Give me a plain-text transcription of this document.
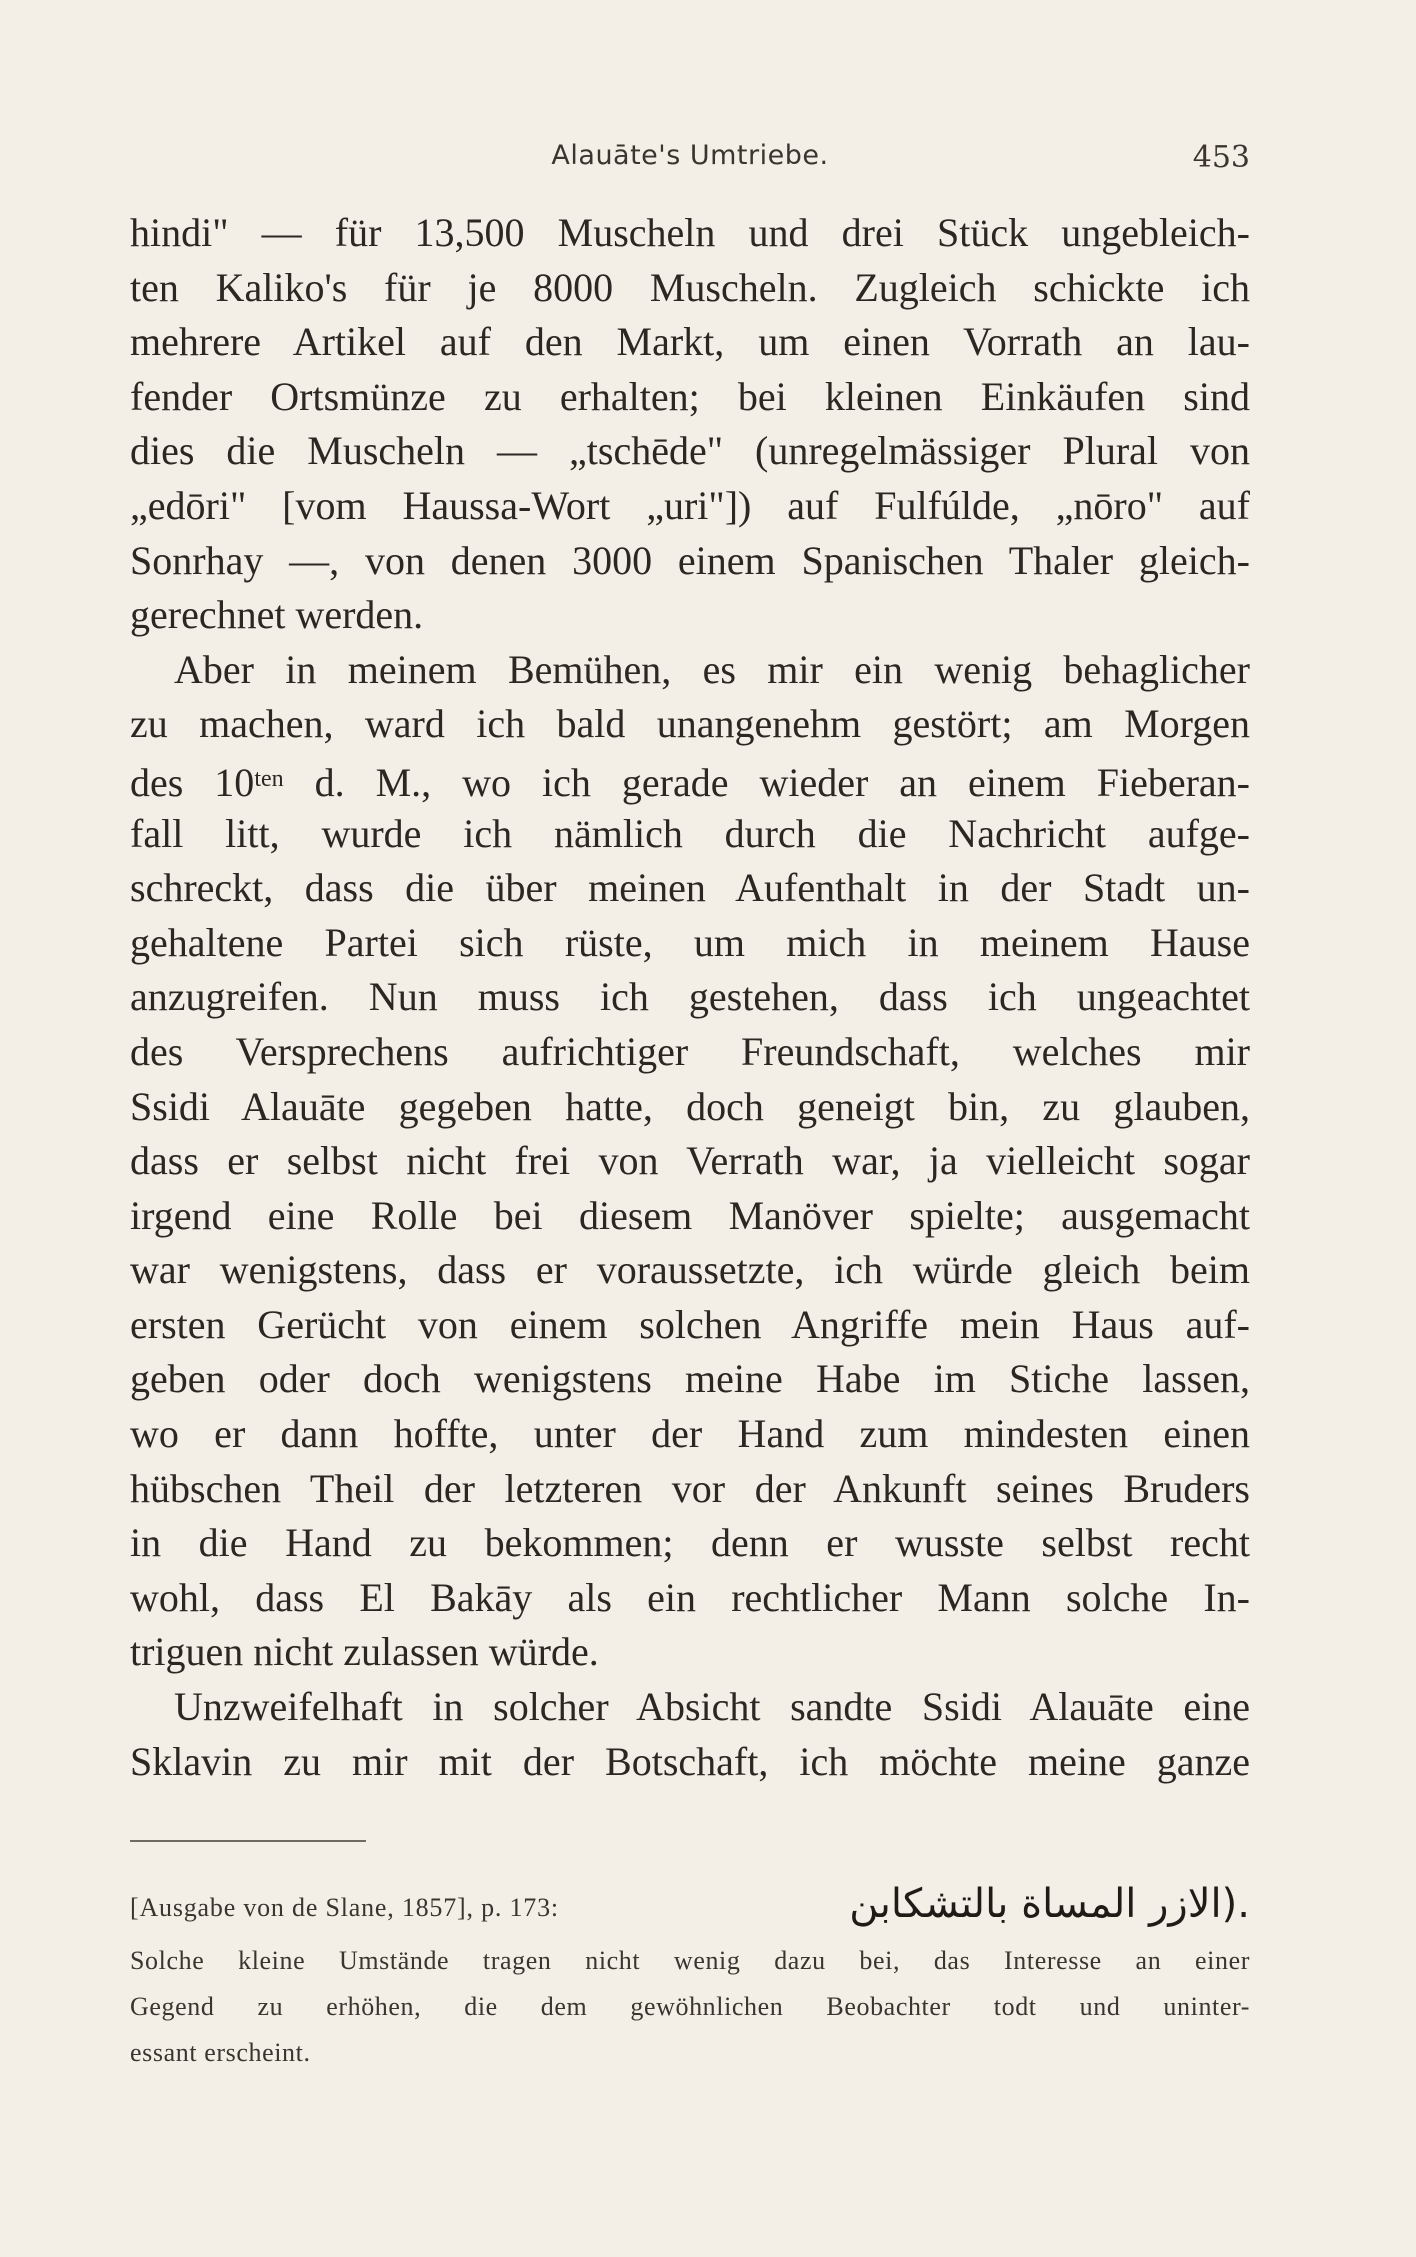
Alauāte's Umtriebe.	453
hindi" — für 13,500 Muscheln und drei Stück ungebleich-
ten Kaliko's für je 8000 Muscheln. Zugleich schickte ich
mehrere Artikel auf den Markt, um einen Vorrath an lau-
fender Ortsmünze zu erhalten; bei kleinen Einkäufen sind
dies die Muscheln — „tschēde" (unregelmässiger Plural von
„edōri" [vom Haussa-Wort „uri"]) auf Fulfúlde, „nōro" auf
Sonrhay —, von denen 3000 einem Spanischen Thaler gleich-
gerechnet werden.
Aber in meinem Bemühen, es mir ein wenig behaglicher
zu machen, ward ich bald unangenehm gestört; am Morgen
des $10^{ten}$ d. M., wo ich gerade wieder an einem Fieberan-
fall litt, wurde ich nämlich durch die Nachricht aufge-
schreckt, dass die über meinen Aufenthalt in der Stadt un-
gehaltene Partei sich rüste, um mich in meinem Hause
anzugreifen. Nun muss ich gestehen, dass ich ungeachtet
des Versprechens aufrichtiger Freundschaft, welches mir
Ssidi Alauāte gegeben hatte, doch geneigt bin, zu glauben,
dass er selbst nicht frei von Verrath war, ja vielleicht sogar
irgend eine Rolle bei diesem Manöver spielte; ausgemacht
war wenigstens, dass er voraussetzte, ich würde gleich beim
ersten Gerücht von einem solchen Angriffe mein Haus auf-
geben oder doch wenigstens meine Habe im Stiche lassen,
wo er dann hoffte, unter der Hand zum mindesten einen
hübschen Theil der letzteren vor der Ankunft seines Bruders
in die Hand zu bekommen; denn er wusste selbst recht
wohl, dass El Bakāy als ein rechtlicher Mann solche In-
triguen nicht zulassen würde.
Unzweifelhaft in solcher Absicht sandte Ssidi Alauāte eine
Sklavin zu mir mit der Botschaft, ich möchte meine ganze
[Ausgabe von de Slane, 1857], p. 173:	ﺍﻻﺯﺭ ﺍﻟﻤﺴﺎﺓ ﺑﺎﻟﺘﺸﻜﺎﺑﻦ).
Solche kleine Umstände tragen nicht wenig dazu bei, das Interesse an einer
Gegend zu erhöhen, die dem gewöhnlichen Beobachter todt und uninter-
essant erscheint.
